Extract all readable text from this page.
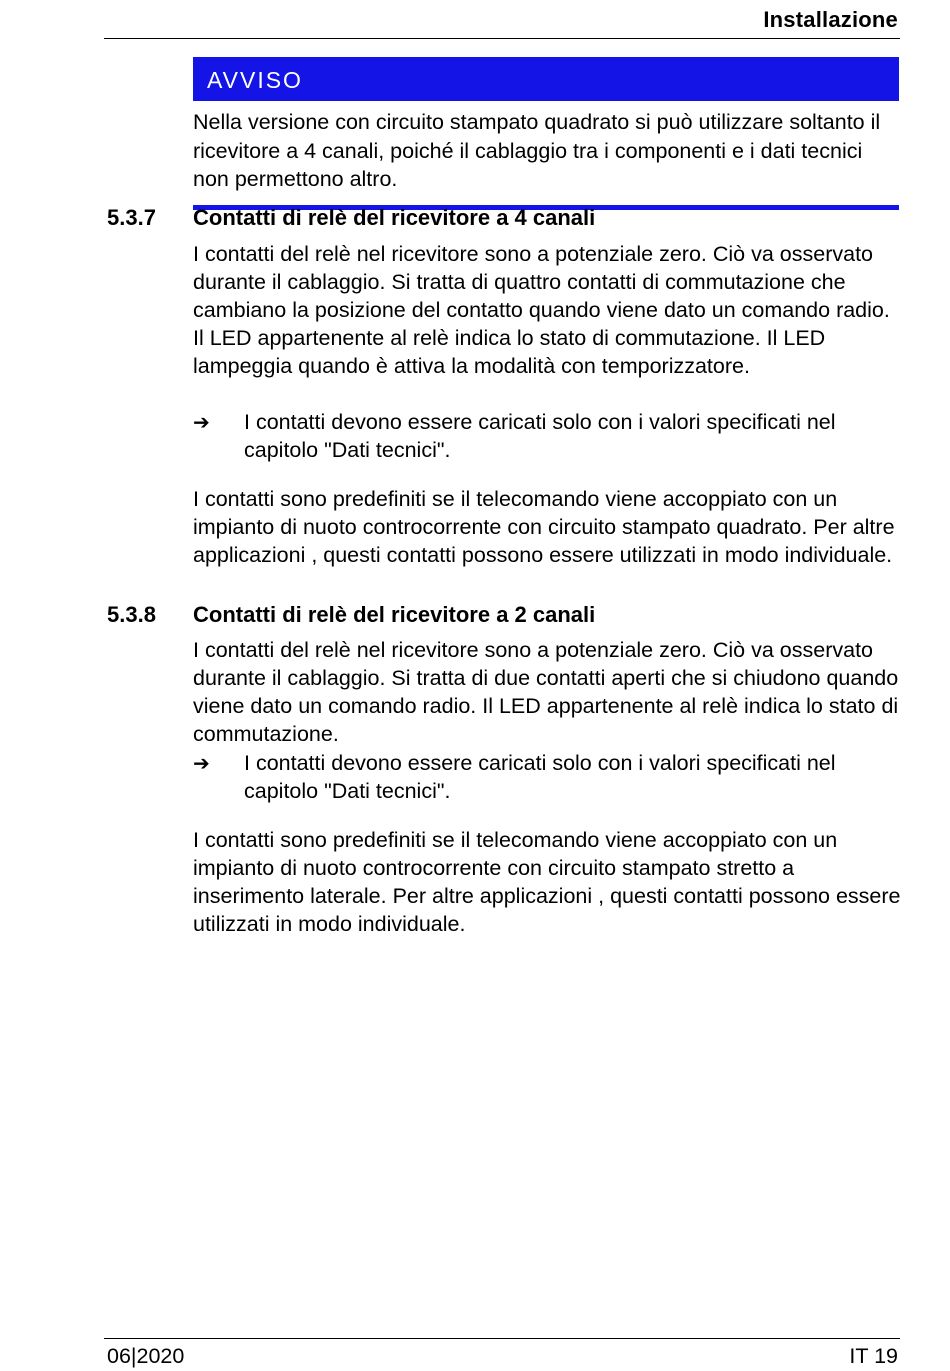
Installazione
AVVISO
Nella versione con circuito stampato quadrato si può utilizzare soltanto il ricevitore a 4 canali, poiché il cablaggio tra i componenti e i dati tecnici non permettono altro.
5.3.7 Contatti di relè del ricevitore a 4 canali
I contatti del relè nel ricevitore sono a potenziale zero. Ciò va osservato durante il cablaggio. Si tratta di quattro contatti di commutazione che cambiano la posizione del contatto quando viene dato un comando radio. Il LED appartenente al relè indica lo stato di commutazione. Il LED lampeggia quando è attiva la modalità con temporizzatore.
➔ I contatti devono essere caricati solo con i valori specificati nel capitolo "Dati tecnici".
I contatti sono predefiniti se il telecomando viene accoppiato con un impianto di nuoto controcorrente con circuito stampato quadrato. Per altre applicazioni , questi contatti possono essere utilizzati in modo individuale.
5.3.8 Contatti di relè del ricevitore a 2 canali
I contatti del relè nel ricevitore sono a potenziale zero. Ciò va osservato durante il cablaggio. Si tratta di due contatti aperti che si chiudono quando viene dato un comando radio. Il LED appartenente al relè indica lo stato di commutazione.
➔ I contatti devono essere caricati solo con i valori specificati nel capitolo "Dati tecnici".
I contatti sono predefiniti se il telecomando viene accoppiato con un impianto di nuoto controcorrente con circuito stampato stretto a inserimento laterale. Per altre applicazioni , questi contatti possono essere utilizzati in modo individuale.
06|2020	IT 19
